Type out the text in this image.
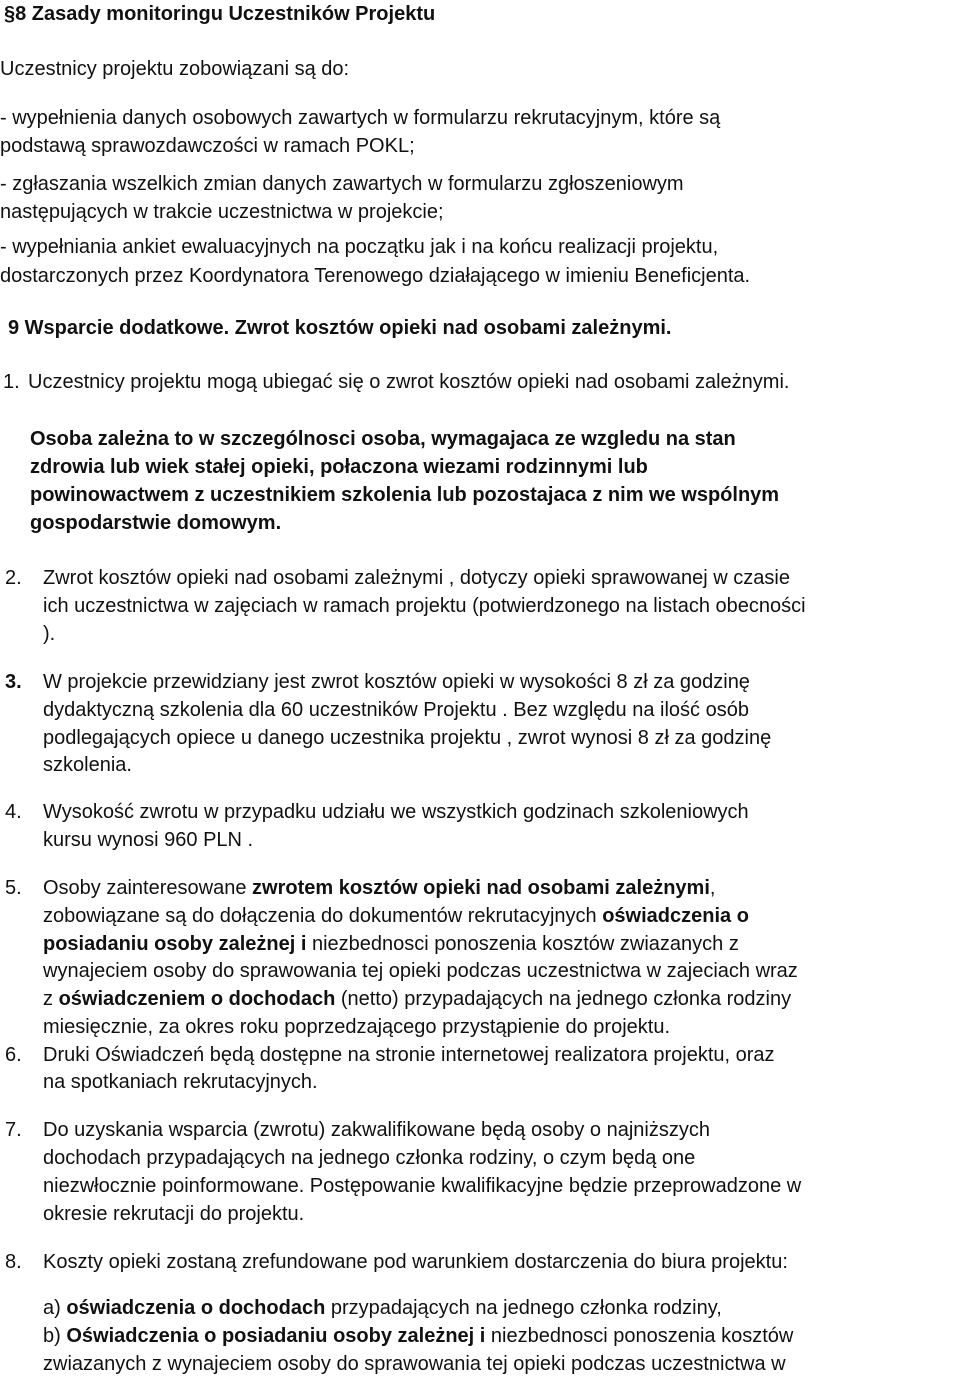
§8 Zasady monitoringu Uczestników Projektu
Uczestnicy projektu zobowiązani są do:
- wypełnienia danych osobowych zawartych w formularzu rekrutacyjnym, które są
podstawą sprawozdawczości w ramach POKL;
- zgłaszania wszelkich zmian danych zawartych w formularzu zgłoszeniowym
następujących w trakcie uczestnictwa w projekcie;
- wypełniania ankiet ewaluacyjnych na początku jak i na końcu realizacji projektu,
dostarczonych przez Koordynatora Terenowego działającego w imieniu Beneficjenta.
9 Wsparcie dodatkowe. Zwrot kosztów opieki nad osobami zależnymi.
1. Uczestnicy projektu mogą ubiegać się o zwrot kosztów opieki nad osobami zależnymi.
Osoba zależna to w szczególnosci osoba, wymagajaca ze wzgledu na stan
zdrowia lub wiek stałej opieki, połaczona wiezami rodzinnymi lub
powinowactwem z uczestnikiem szkolenia lub pozostajaca z nim we wspólnym
gospodarstwie domowym.
2. Zwrot kosztów opieki nad osobami zależnymi , dotyczy opieki sprawowanej w czasie
ich uczestnictwa w zajęciach w ramach projektu (potwierdzonego na listach obecności
).
3. W projekcie przewidziany jest zwrot kosztów opieki w wysokości 8 zł za godzinę
dydaktyczną szkolenia dla 60 uczestników Projektu . Bez względu na ilość osób
podlegających opiece u danego uczestnika projektu , zwrot wynosi 8 zł za godzinę
szkolenia.
4. Wysokość zwrotu w przypadku udziału we wszystkich godzinach szkoleniowych
kursu wynosi 960 PLN .
5. Osoby zainteresowane zwrotem kosztów opieki nad osobami zależnymi,
zobowiązane są do dołączenia do dokumentów rekrutacyjnych oświadczenia o
posiadaniu osoby zależnej i niezbednosci ponoszenia kosztów zwiazanych z
wynajeciem osoby do sprawowania tej opieki podczas uczestnictwa w zajeciach wraz
z oświadczeniem o dochodach (netto) przypadających na jednego członka rodziny
miesięcznie, za okres roku poprzedzającego przystąpienie do projektu.
6. Druki Oświadczeń będą dostępne na stronie internetowej realizatora projektu, oraz
na spotkaniach rekrutacyjnych.
7. Do uzyskania wsparcia (zwrotu) zakwalifikowane będą osoby o najniższych
dochodach przypadających na jednego członka rodziny, o czym będą one
niezwłocznie poinformowane. Postępowanie kwalifikacyjne będzie przeprowadzone w
okresie rekrutacji do projektu.
8. Koszty opieki zostaną zrefundowane pod warunkiem dostarczenia do biura projektu:
a) oświadczenia o dochodach przypadających na jednego członka rodziny,
b) Oświadczenia o posiadaniu osoby zależnej i niezbednosci ponoszenia kosztów
zwiazanych z wynajeciem osoby do sprawowania tej opieki podczas uczestnictwa w
